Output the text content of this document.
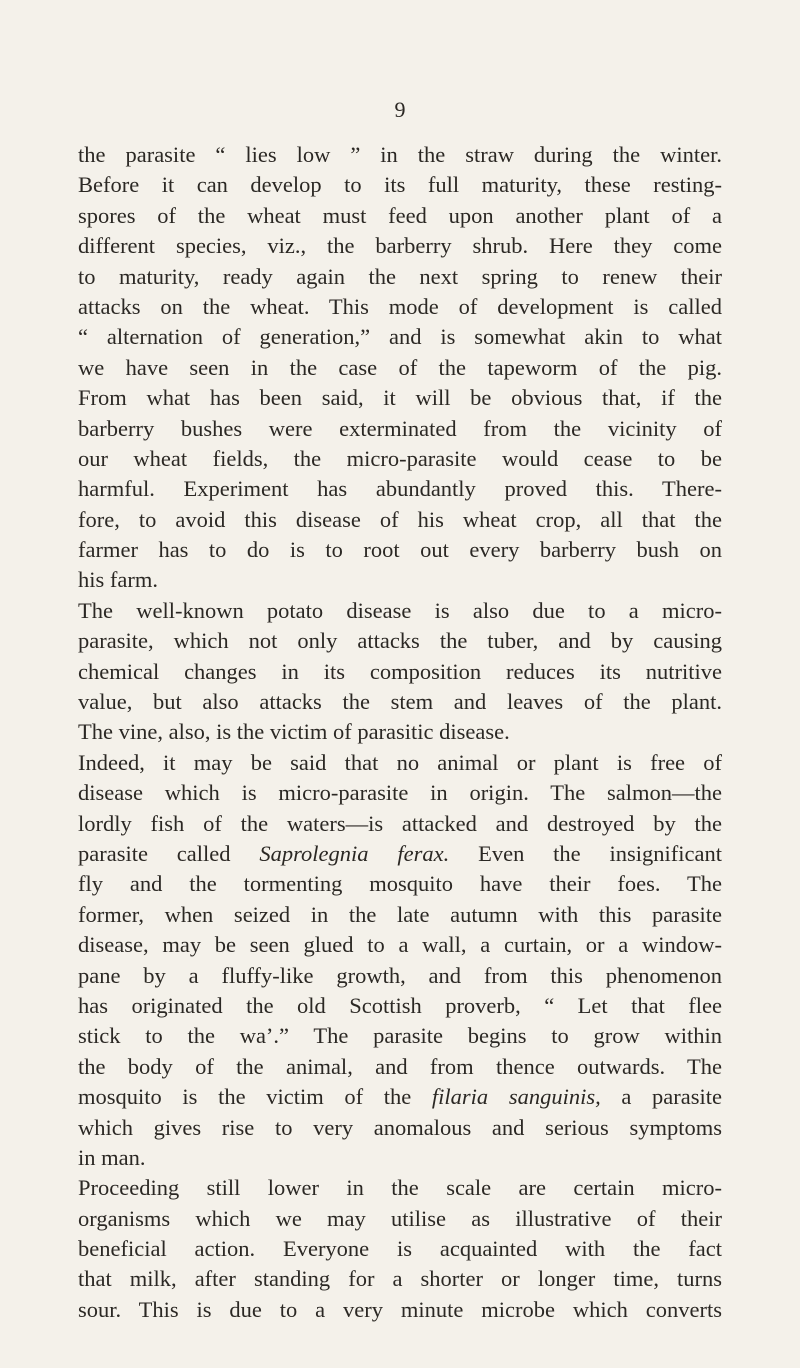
9
the parasite “ lies low ” in the straw during the winter.
Before it can develop to its full maturity, these resting-
spores of the wheat must feed upon another plant of a
different species, viz., the barberry shrub. Here they come
to maturity, ready again the next spring to renew their
attacks on the wheat. This mode of development is called
“ alternation of generation,” and is somewhat akin to what
we have seen in the case of the tapeworm of the pig.
From what has been said, it will be obvious that, if the
barberry bushes were exterminated from the vicinity of
our wheat fields, the micro-parasite would cease to be
harmful. Experiment has abundantly proved this. There-
fore, to avoid this disease of his wheat crop, all that the
farmer has to do is to root out every barberry bush on
his farm.
The well-known potato disease is also due to a micro-
parasite, which not only attacks the tuber, and by causing
chemical changes in its composition reduces its nutritive
value, but also attacks the stem and leaves of the plant.
The vine, also, is the victim of parasitic disease.
Indeed, it may be said that no animal or plant is free of
disease which is micro-parasite in origin. The salmon—the
lordly fish of the waters—is attacked and destroyed by the
parasite called Saprolegnia ferax. Even the insignificant
fly and the tormenting mosquito have their foes. The
former, when seized in the late autumn with this parasite
disease, may be seen glued to a wall, a curtain, or a window-
pane by a fluffy-like growth, and from this phenomenon
has originated the old Scottish proverb, “ Let that flee
stick to the wa’.” The parasite begins to grow within
the body of the animal, and from thence outwards. The
mosquito is the victim of the filaria sanguinis, a parasite
which gives rise to very anomalous and serious symptoms
in man.
Proceeding still lower in the scale are certain micro-
organisms which we may utilise as illustrative of their
beneficial action. Everyone is acquainted with the fact
that milk, after standing for a shorter or longer time, turns
sour. This is due to a very minute microbe which converts
